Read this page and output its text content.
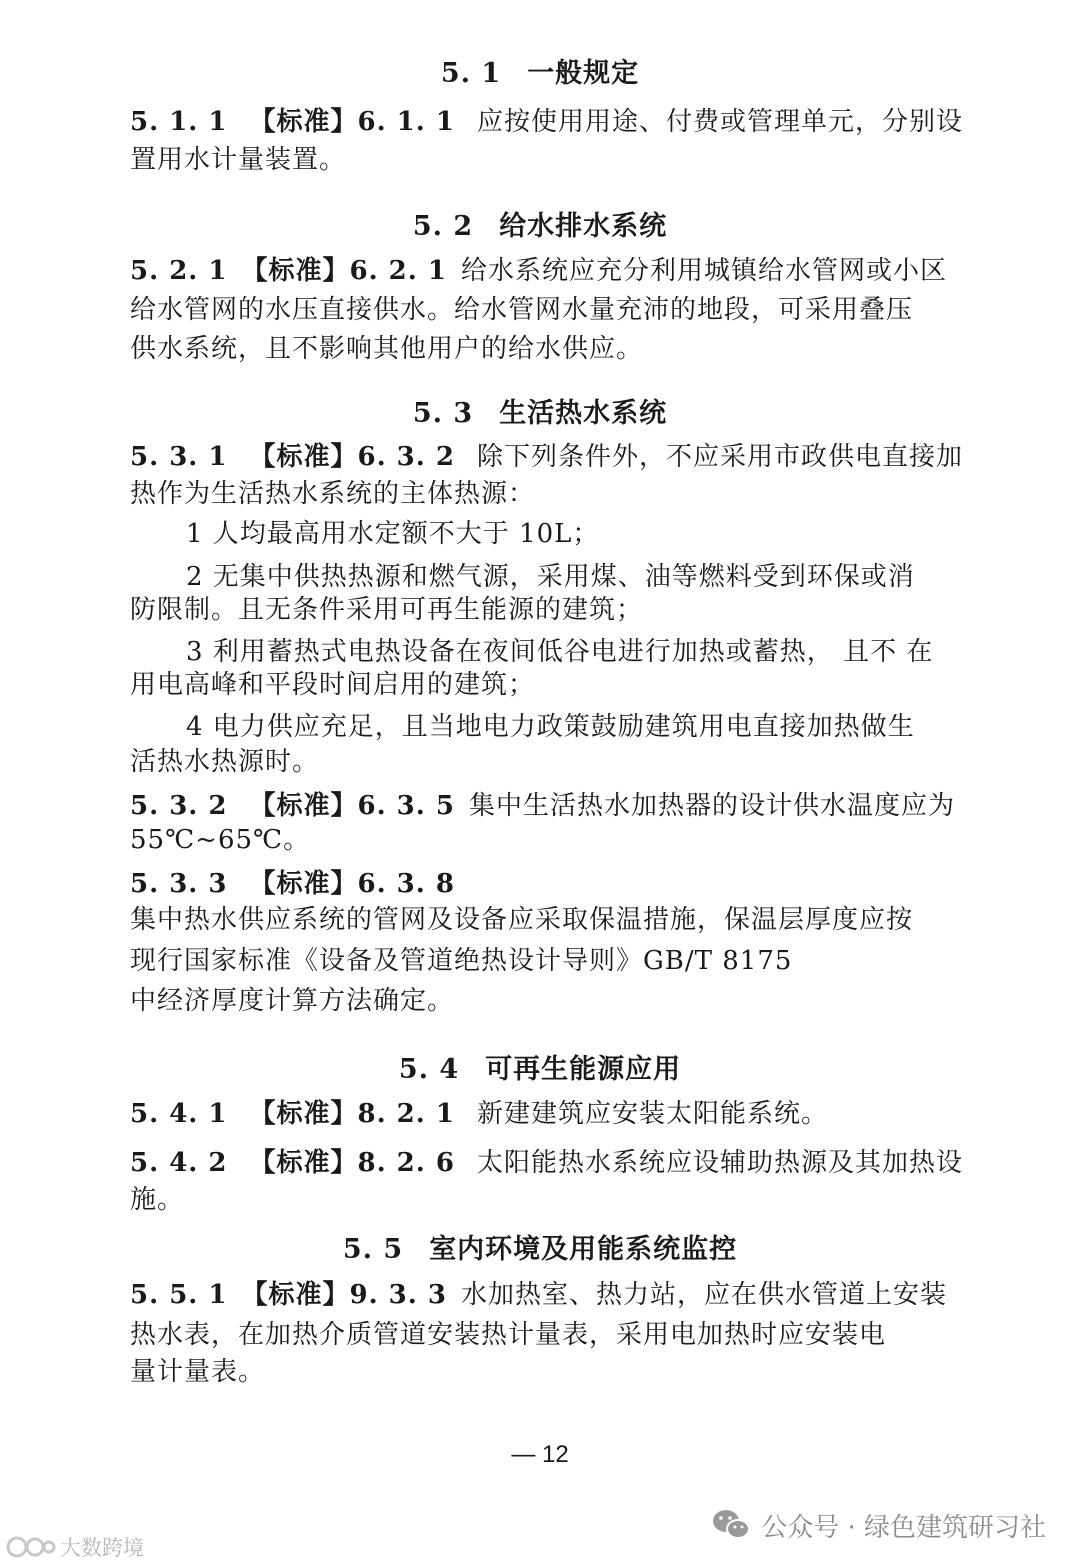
5. 1 一般规定
5. 1. 1 【标准】6. 1. 1 应按使用用途、付费或管理单元，分别设
置用水计量装置。
5. 2 给水排水系统
5. 2. 1 【标准】6. 2. 1 给水系统应充分利用城镇给水管网或小区
给水管网的水压直接供水。给水管网水量充沛的地段，可采用叠压
供水系统，且不影响其他用户的给水供应。
5. 3 生活热水系统
5. 3. 1 【标准】6. 3. 2 除下列条件外，不应采用市政供电直接加
热作为生活热水系统的主体热源：
1 人均最高用水定额不大于 10L；
2 无集中供热热源和燃气源，采用煤、油等燃料受到环保或消
防限制。且无条件采用可再生能源的建筑；
3 利用蓄热式电热设备在夜间低谷电进行加热或蓄热， 且不 在
用电高峰和平段时间启用的建筑；
4 电力供应充足，且当地电力政策鼓励建筑用电直接加热做生
活热水热源时。
5. 3. 2 【标准】6. 3. 5 集中生活热水加热器的设计供水温度应为
55℃~65℃。
5. 3. 3 【标准】6. 3. 8
集中热水供应系统的管网及设备应采取保温措施，保温层厚度应按
现行国家标准《设备及管道绝热设计导则》GB/T 8175
中经济厚度计算方法确定。
5. 4 可再生能源应用
5. 4. 1 【标准】8. 2. 1 新建建筑应安装太阳能系统。
5. 4. 2 【标准】8. 2. 6 太阳能热水系统应设辅助热源及其加热设
施。
5. 5 室内环境及用能系统监控
5. 5. 1 【标准】9. 3. 3 水加热室、热力站，应在供水管道上安装
热水表，在加热介质管道安装热计量表，采用电加热时应安装电
量计量表。
— 12
公众号 · 绿色建筑研习社
大数跨境
